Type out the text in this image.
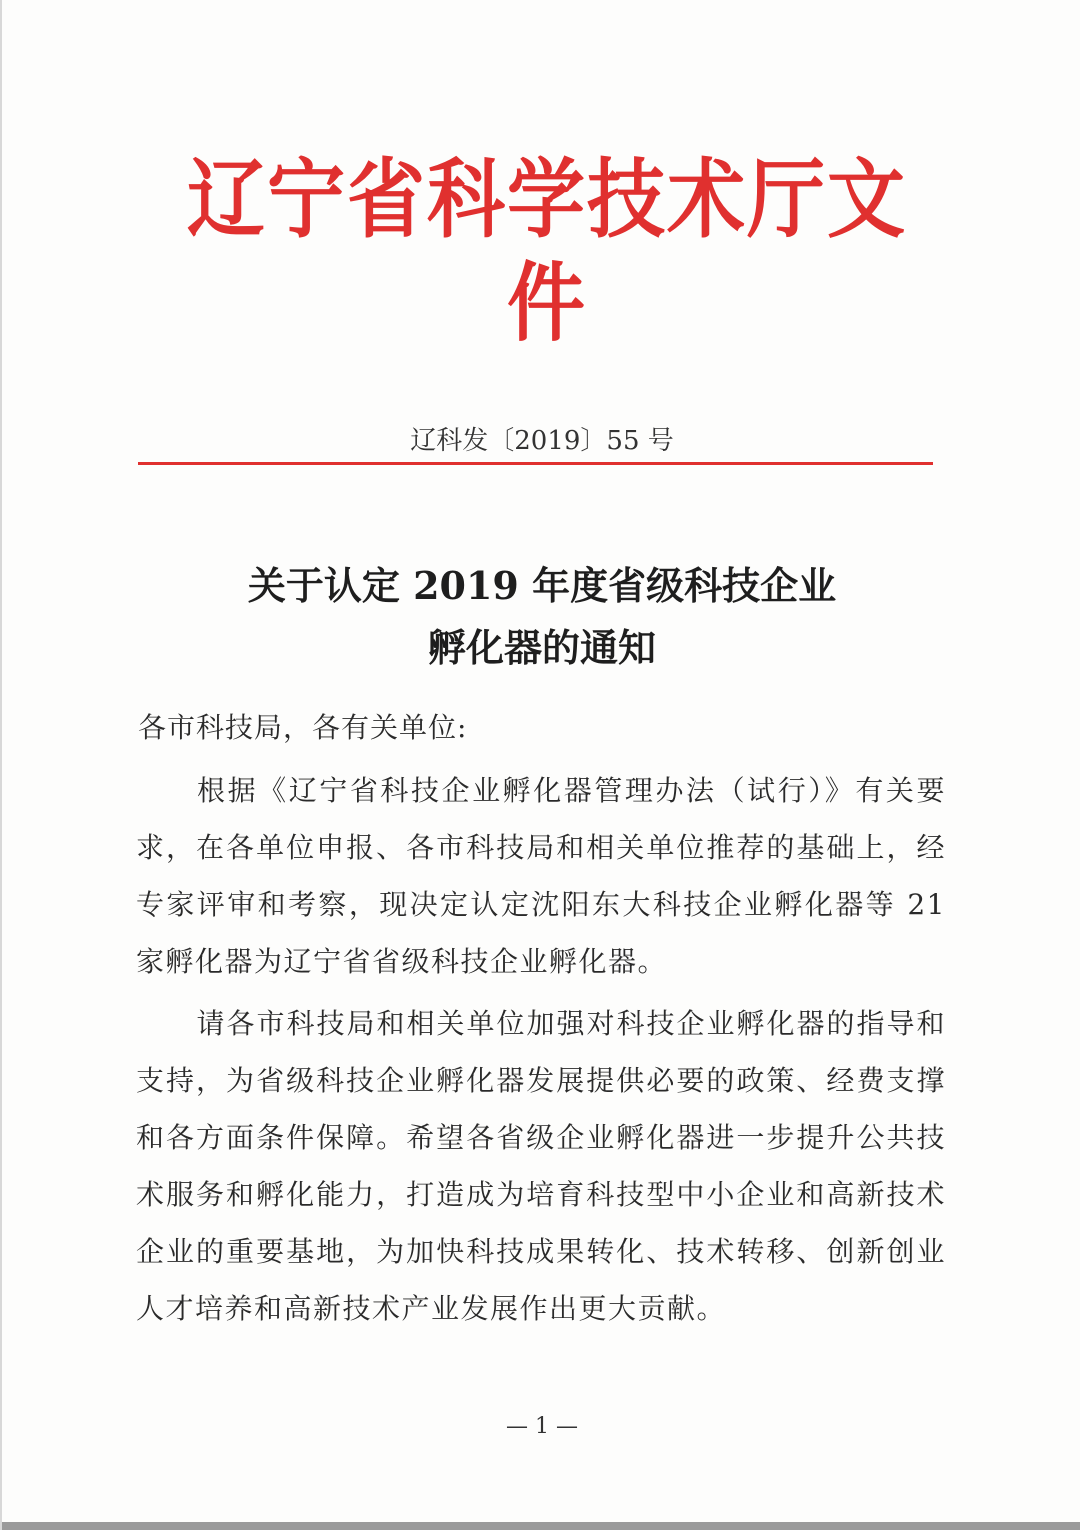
辽宁省科学技术厅文件
辽科发〔2019〕55 号
关于认定 2019 年度省级科技企业
孵化器的通知
各市科技局，各有关单位:
根据《辽宁省科技企业孵化器管理办法（试行）》有关要求，在各单位申报、各市科技局和相关单位推荐的基础上，经专家评审和考察，现决定认定沈阳东大科技企业孵化器等 21 家孵化器为辽宁省省级科技企业孵化器。
请各市科技局和相关单位加强对科技企业孵化器的指导和支持，为省级科技企业孵化器发展提供必要的政策、经费支撑和各方面条件保障。希望各省级企业孵化器进一步提升公共技术服务和孵化能力，打造成为培育科技型中小企业和高新技术企业的重要基地，为加快科技成果转化、技术转移、创新创业人才培养和高新技术产业发展作出更大贡献。
— 1 —
